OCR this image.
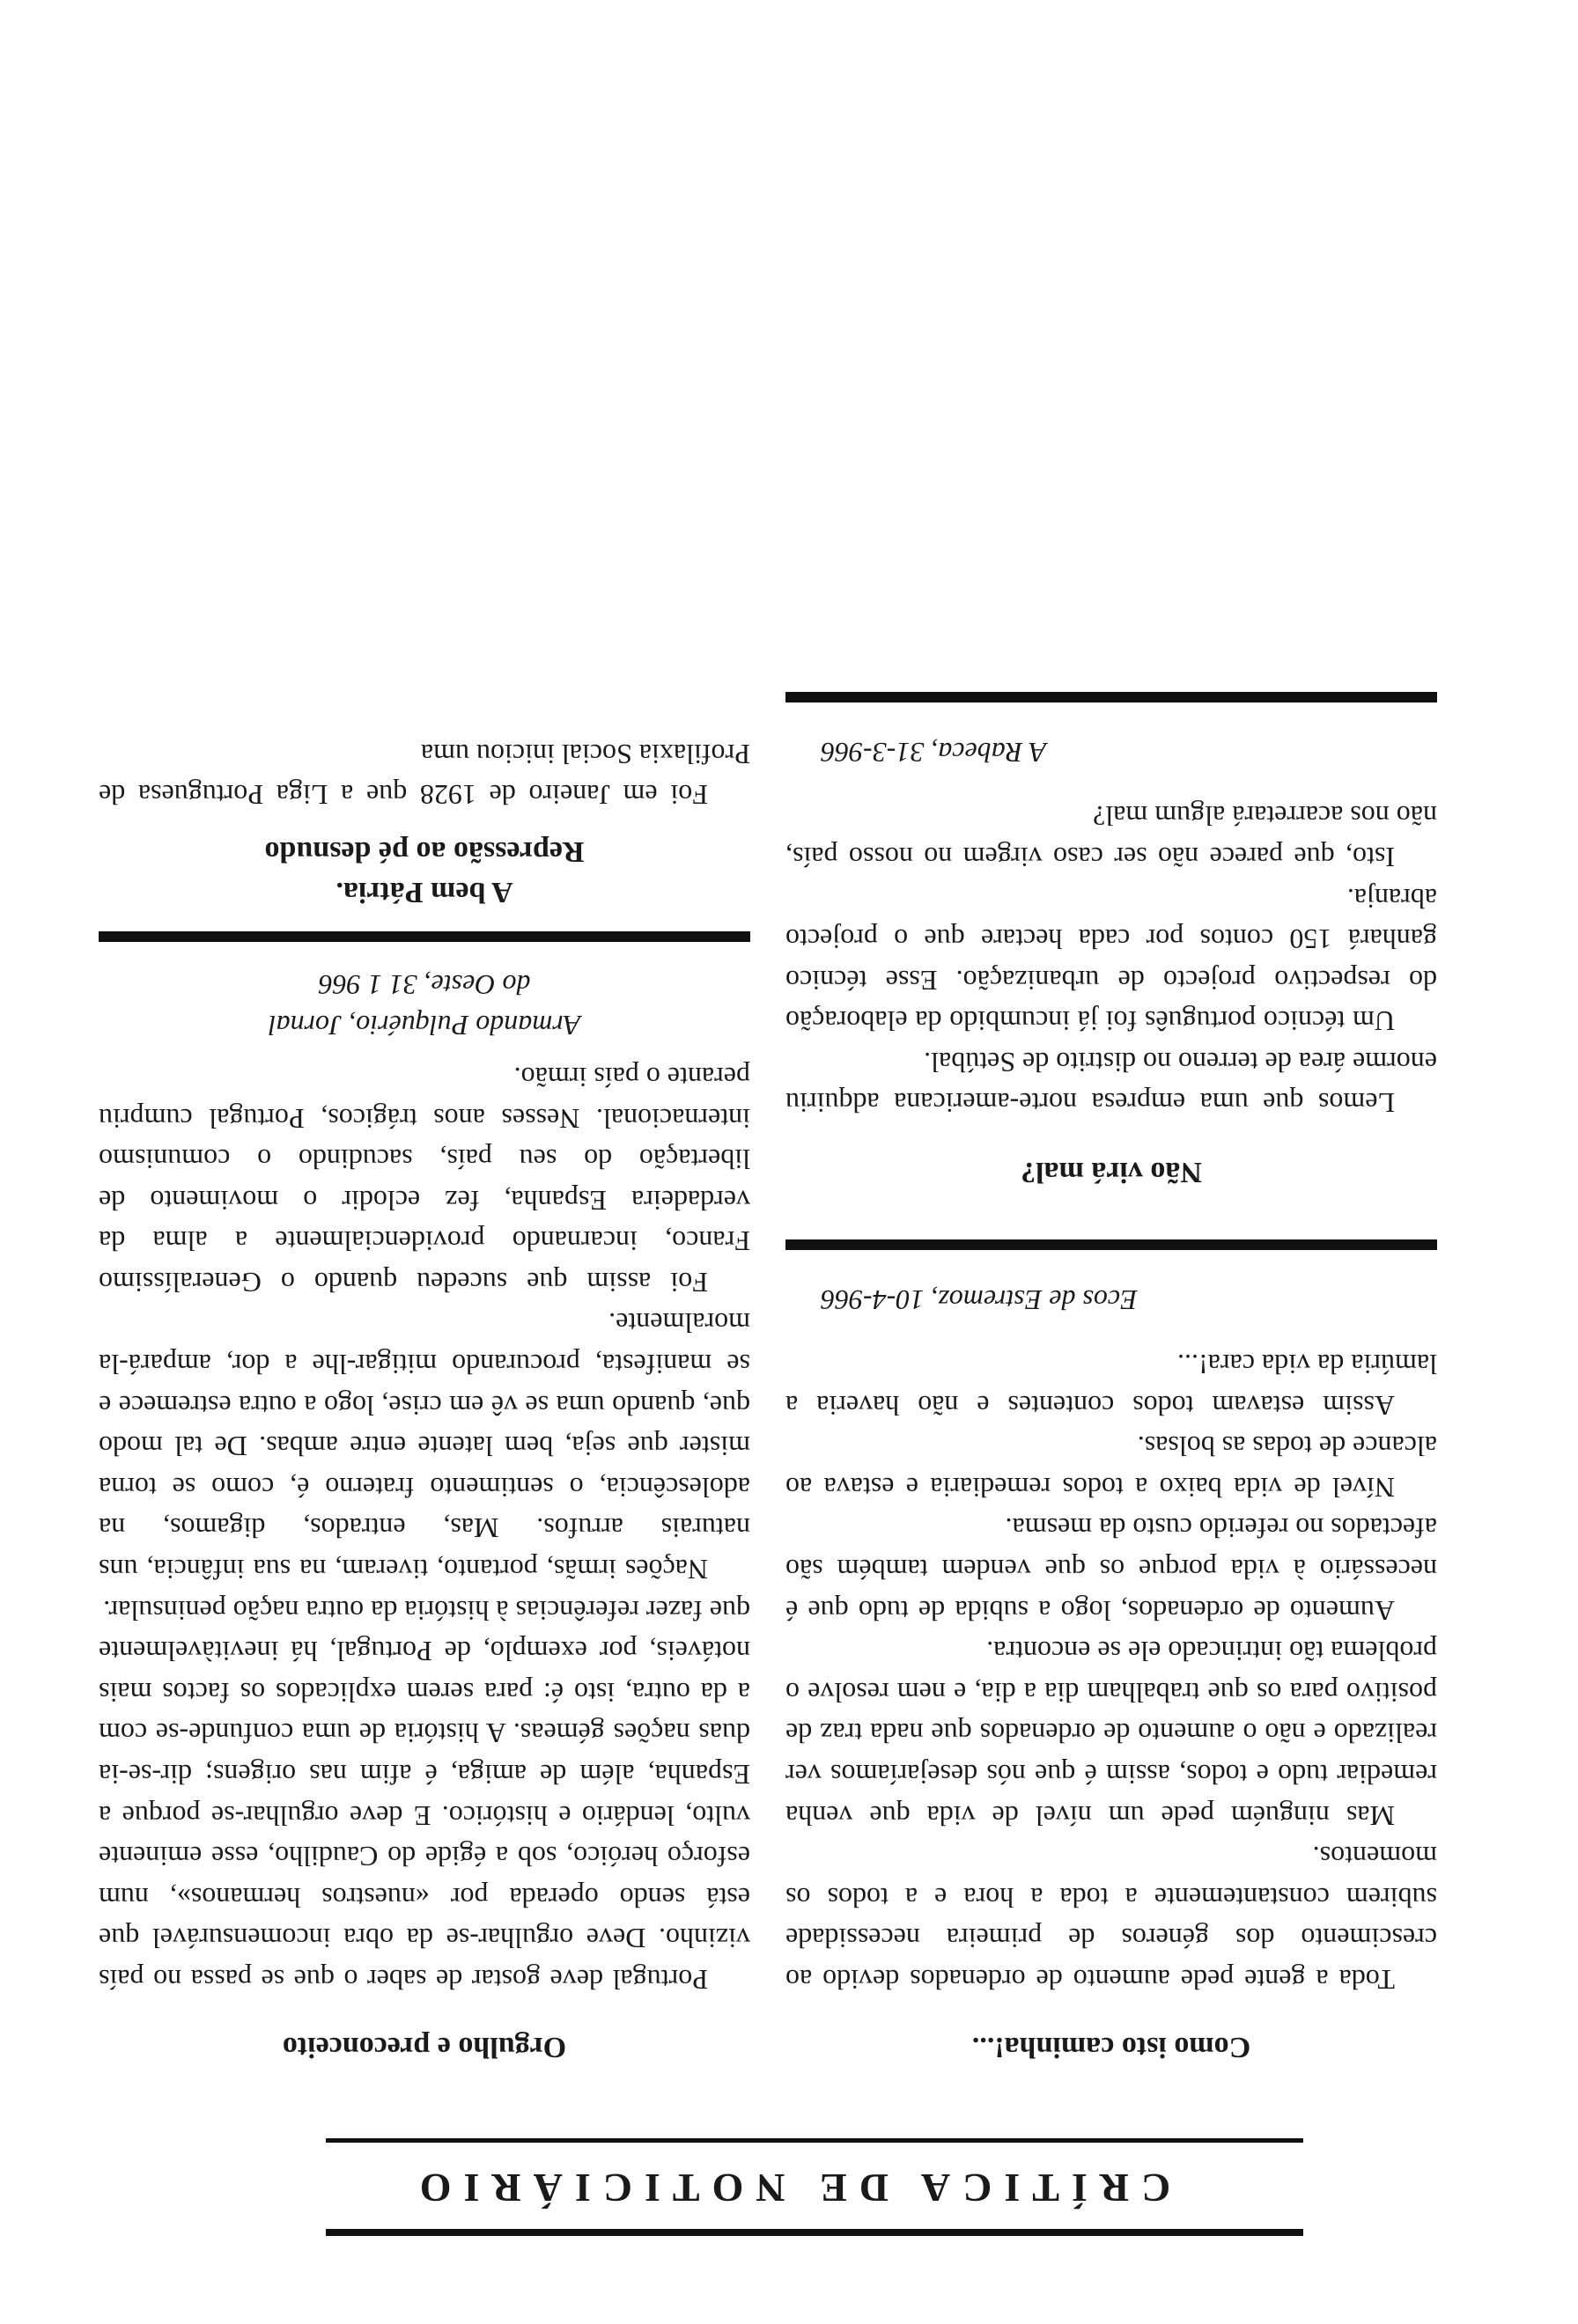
CRÍTICA DE NOTICIÁRIO
Como isto caminha!...

Toda a gente pede aumento de ordenados devido ao crescimento dos géneros de primeira necessidade subirem constantemente a toda a hora e a todos os momentos.

Mas ninguém pede um nível de vida que venha remediar tudo e todos, assim é que nós desejaríamos ver realizado e não o aumento de ordenados que nada traz de positivo para os que trabalham dia a dia, e nem resolve o problema tão intrincado ele se encontra.

Aumento de ordenados, logo a subida de tudo que é necessário à vida porque os que vendem também são afectados no referido custo da mesma.

Nível de vida baixo a todos remediaria e estava ao alcance de todas as bolsas.

Assim estavam todos contentes e não haveria a lamúria da vida cara!...

Ecos de Estremoz, 10-4-966
Não virá mal?

Lemos que uma empresa norte-americana adquiriu enorme área de terreno no distrito de Setúbal.

Um técnico português foi já incumbido da elaboração do respectivo projecto de urbanização. Esse técnico ganhará 150 contos por cada hectare que o projecto abranja.

Isto, que parece não ser caso virgem no nosso país, não nos acarretará algum mal?

A Rabeca, 31-3-966
Orgulho e preconceito

Portugal deve gostar de saber o que se passa no país vizinho. Deve orgulhar-se da obra incomensurável que está sendo operada por «nuestros hermanos», num esforço heróico, sob a égide do Caudilho, esse eminente vulto, lendário e histórico. E deve orgulhar-se porque a Espanha, além de amiga, é afim nas origens; dir-se-ia duas nações gémeas. A história de uma confunde-se com a da outra, isto é: para serem explicados os factos mais notáveis, por exemplo, de Portugal, há inevitàvelmente que fazer referências à história da outra nação peninsular.

Nações irmãs, portanto, tiveram, na sua infância, uns naturais arrufos. Mas, entrados, digamos, na adolescência, o sentimento fraterno é, como se torna mister que seja, bem latente entre ambas. De tal modo que, quando uma se vê em crise, logo a outra estremece e se manifesta, procurando mitigar-lhe a dor, ampará-la moralmente.

Foi assim que sucedeu quando o Generalíssimo Franco, incarnando providencialmente a alma da verdadeira Espanha, fez eclodir o movimento de libertação do seu país, sacudindo o comunismo internacional. Nesses anos trágicos, Portugal cumpriu perante o país irmão.

Armando Pulquério, Jornal
do Oeste, 31 1 966
A bem Pátria.
Repressão ao pé desnudo

Foi em Janeiro de 1928 que a Liga Portuguesa de Profilaxia Social iniciou uma
